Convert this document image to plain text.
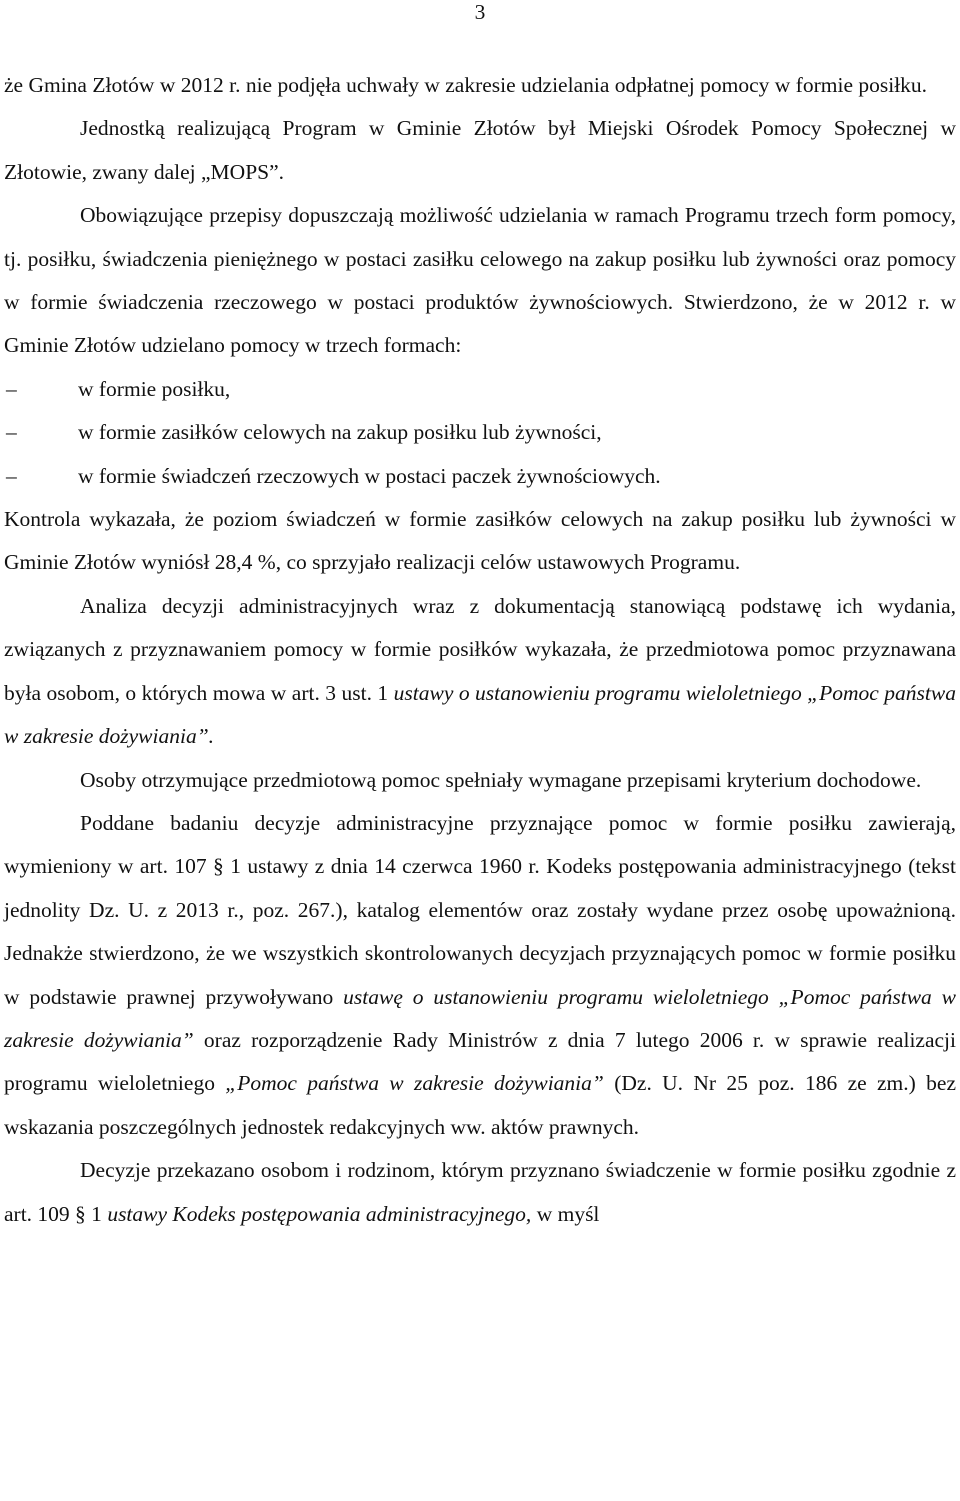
3

że Gmina Złotów w 2012 r. nie podjęła uchwały w zakresie udzielania odpłatnej pomocy w formie posiłku.

Jednostką realizującą Program w Gminie Złotów był Miejski Ośrodek Pomocy Społecznej w Złotowie, zwany dalej „MOPS”.

Obowiązujące przepisy dopuszczają możliwość udzielania w ramach Programu trzech form pomocy, tj. posiłku, świadczenia pieniężnego w postaci zasiłku celowego na zakup posiłku lub żywności oraz pomocy w formie świadczenia rzeczowego w postaci produktów żywnościowych. Stwierdzono, że w 2012 r. w Gminie Złotów udzielano pomocy w trzech formach:

–	w formie posiłku,
–	w formie zasiłków celowych na zakup posiłku lub żywności,
–	w formie świadczeń rzeczowych w postaci paczek żywnościowych.

Kontrola wykazała, że poziom świadczeń w formie zasiłków celowych na zakup posiłku lub żywności w Gminie Złotów wyniósł 28,4 %, co sprzyjało realizacji celów ustawowych Programu.

Analiza decyzji administracyjnych wraz z dokumentacją stanowiącą podstawę ich wydania, związanych z przyznawaniem pomocy w formie posiłków wykazała, że przedmiotowa pomoc przyznawana była osobom, o których mowa w art. 3 ust. 1 ustawy o ustanowieniu programu wieloletniego „Pomoc państwa w zakresie dożywiania”.

Osoby otrzymujące przedmiotową pomoc spełniały wymagane przepisami kryterium dochodowe.

Poddane badaniu decyzje administracyjne przyznające pomoc w formie posiłku zawierają, wymieniony w art. 107 § 1 ustawy z dnia 14 czerwca 1960 r. Kodeks postępowania administracyjnego (tekst jednolity Dz. U. z 2013 r., poz. 267.), katalog elementów oraz zostały wydane przez osobę upoważnioną. Jednakże stwierdzono, że we wszystkich skontrolowanych decyzjach przyznających pomoc w formie posiłku w podstawie prawnej przywoływano ustawę o ustanowieniu programu wieloletniego „Pomoc państwa w zakresie dożywiania” oraz rozporządzenie Rady Ministrów z dnia 7 lutego 2006 r. w sprawie realizacji programu wieloletniego „Pomoc państwa w zakresie dożywiania” (Dz. U. Nr 25 poz. 186 ze zm.) bez wskazania poszczególnych jednostek redakcyjnych ww. aktów prawnych.

Decyzje przekazano osobom i rodzinom, którym przyznano świadczenie w formie posiłku zgodnie z art. 109 § 1 ustawy Kodeks postępowania administracyjnego, w myśl
